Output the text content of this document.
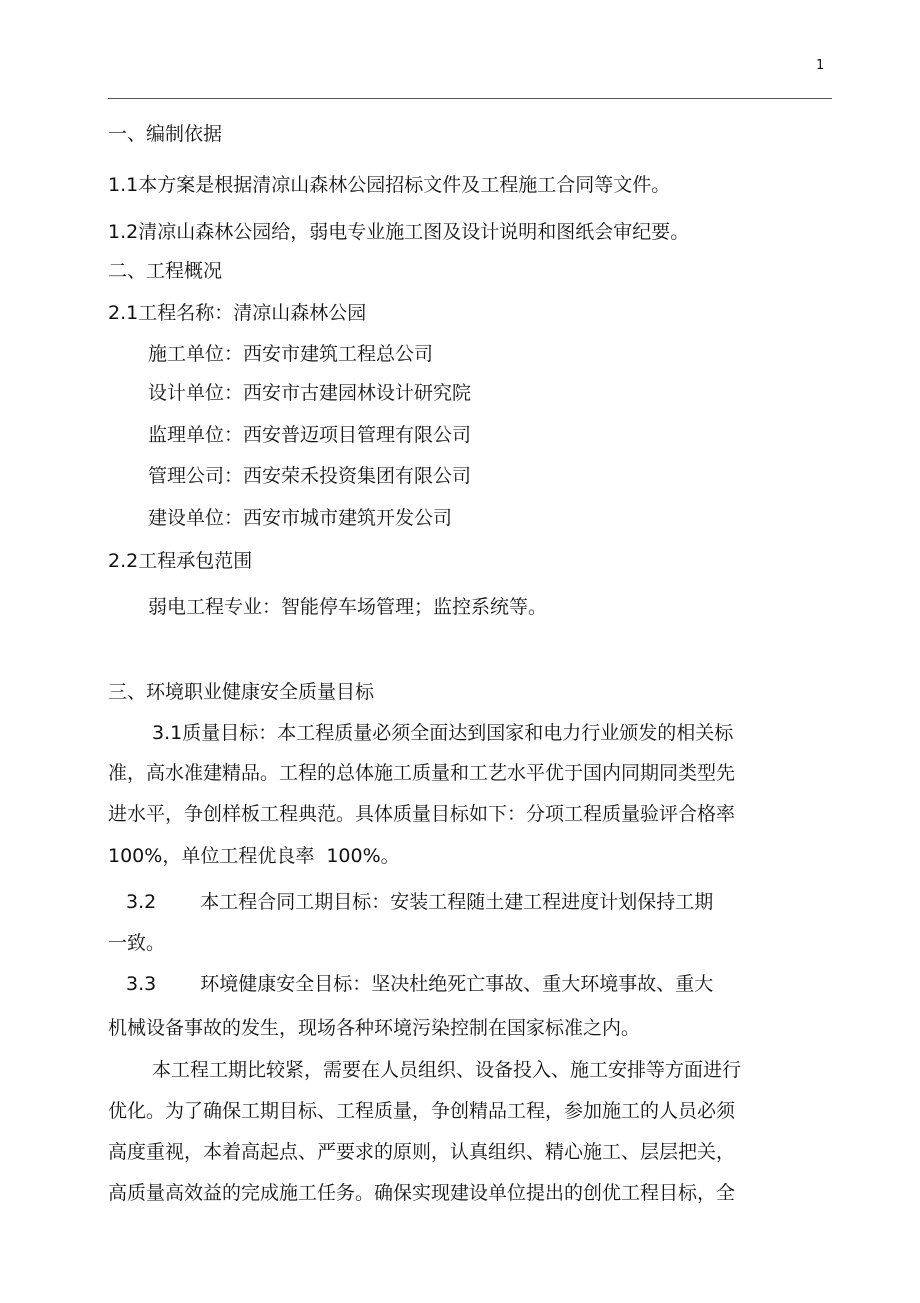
1
一、编制依据
1.1本方案是根据清凉山森林公园招标文件及工程施工合同等文件。
1.2清凉山森林公园给，弱电专业施工图及设计说明和图纸会审纪要。
二、工程概况
2.1工程名称：清凉山森林公园
施工单位：西安市建筑工程总公司
设计单位：西安市古建园林设计研究院
监理单位：西安普迈项目管理有限公司
管理公司：西安荣禾投资集团有限公司
建设单位：西安市城市建筑开发公司
2.2工程承包范围
弱电工程专业：智能停车场管理；监控系统等。
三、环境职业健康安全质量目标
3.1质量目标：本工程质量必须全面达到国家和电力行业颁发的相关标
准，高水准建精品。工程的总体施工质量和工艺水平优于国内同期同类型先
进水平，争创样板工程典范。具体质量目标如下：分项工程质量验评合格率
100%，单位工程优良率 100%。
3.2 本工程合同工期目标：安装工程随土建工程进度计划保持工期
一致。
3.3 环境健康安全目标：坚决杜绝死亡事故、重大环境事故、重大
机械设备事故的发生，现场各种环境污染控制在国家标准之内。
本工程工期比较紧，需要在人员组织、设备投入、施工安排等方面进行
优化。为了确保工期目标、工程质量，争创精品工程，参加施工的人员必须
高度重视，本着高起点、严要求的原则，认真组织、精心施工、层层把关，
高质量高效益的完成施工任务。确保实现建设单位提出的创优工程目标，全
